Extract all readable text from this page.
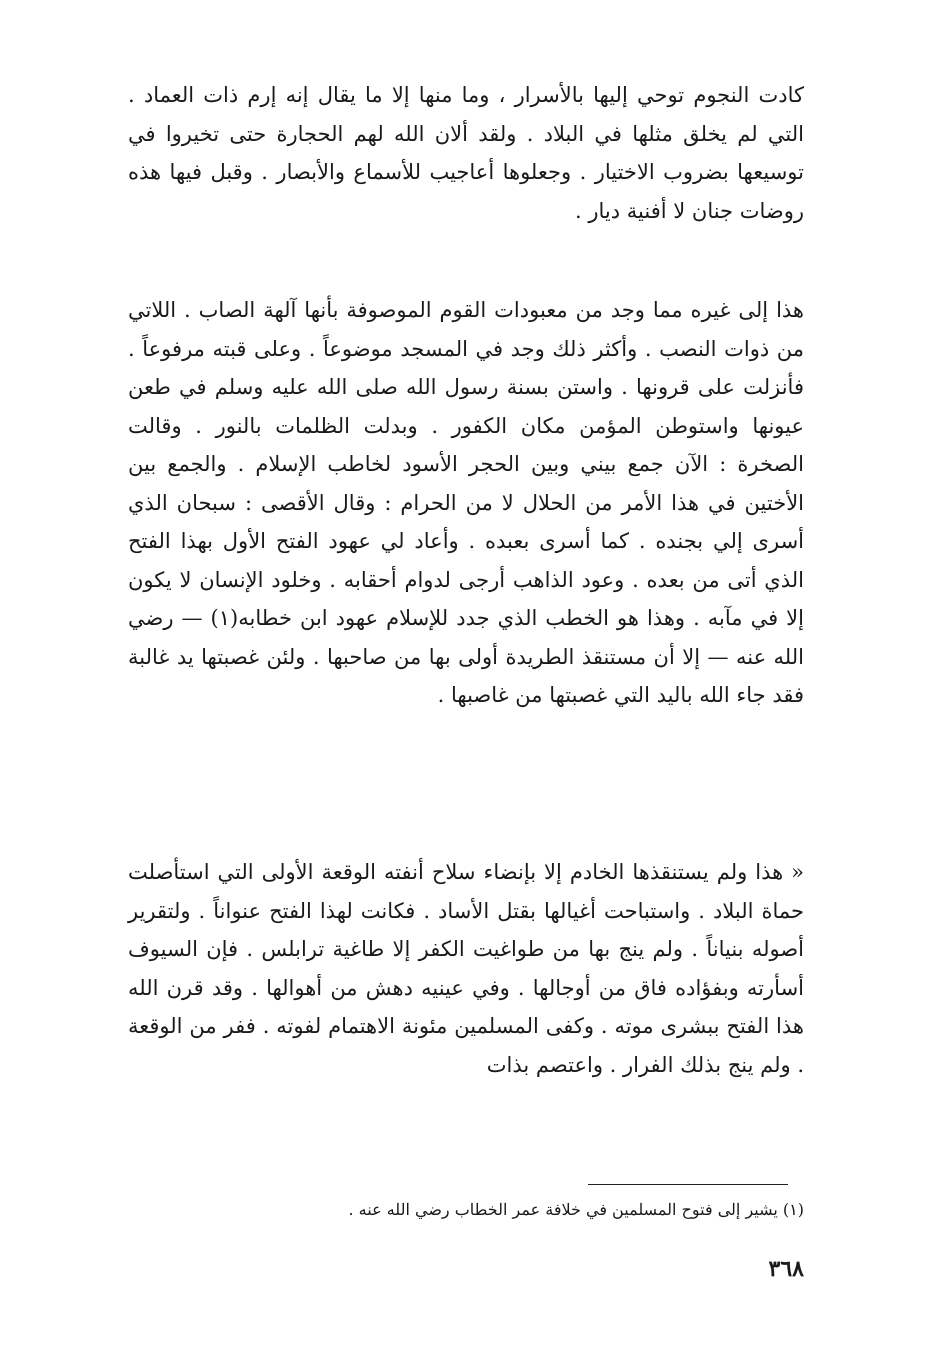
كادت النجوم توحي إليها بالأسرار ، وما منها إلا ما يقال إنه إرم ذات العماد . التي لم يخلق مثلها في البلاد . ولقد ألان الله لهم الحجارة حتى تخيروا في توسيعها بضروب الاختيار . وجعلوها أعاجيب للأسماع والأبصار . وقبل فيها هذه روضات جنان لا أفنية ديار .

هذا إلى غيره مما وجد من معبودات القوم الموصوفة بأنها آلهة الصاب . اللاتي من ذوات النصب . وأكثر ذلك وجد في المسجد موضوعاً . وعلى قبته مرفوعاً . فأنزلت على قرونها . واستن بسنة رسول الله صلى الله عليه وسلم في طعن عيونها واستوطن المؤمن مكان الكفور . وبدلت الظلمات بالنور . وقالت الصخرة : الآن جمع بيني وبين الحجر الأسود لخاطب الإسلام . والجمع بين الأختين في هذا الأمر من الحلال لا من الحرام : وقال الأقصى : سبحان الذي أسرى إلي بجنده . كما أسرى بعبده . وأعاد لي عهود الفتح الأول بهذا الفتح الذي أتى من بعده . وعود الذاهب أرجى لدوام أحقابه . وخلود الإنسان لا يكون إلا في مآبه . وهذا هو الخطب الذي جدد للإسلام عهود ابن خطابه(١) — رضي الله عنه — إلا أن مستنقذ الطريدة أولى بها من صاحبها . ولئن غصبتها يد غالبة فقد جاء الله باليد التي غصبتها من غاصبها .

« هذا ولم يستنقذها الخادم إلا بإنضاء سلاح أنفته الوقعة الأولى التي استأصلت حماة البلاد . واستباحت أغيالها بقتل الأساد . فكانت لهذا الفتح عنواناً . ولتقرير أصوله بنياناً . ولم ينج بها من طواغيت الكفر إلا طاغية ترابلس . فإن السيوف أسأرته وبفؤاده فاق من أوجالها . وفي عينيه دهش من أهوالها . وقد قرن الله هذا الفتح ببشرى موته . وكفى المسلمين مئونة الاهتمام لفوته . ففر من الوقعة . ولم ينج بذلك الفرار . واعتصم بذات

(١) يشير إلى فتوح المسلمين في خلافة عمر الخطاب رضي الله عنه .

٣٦٨
